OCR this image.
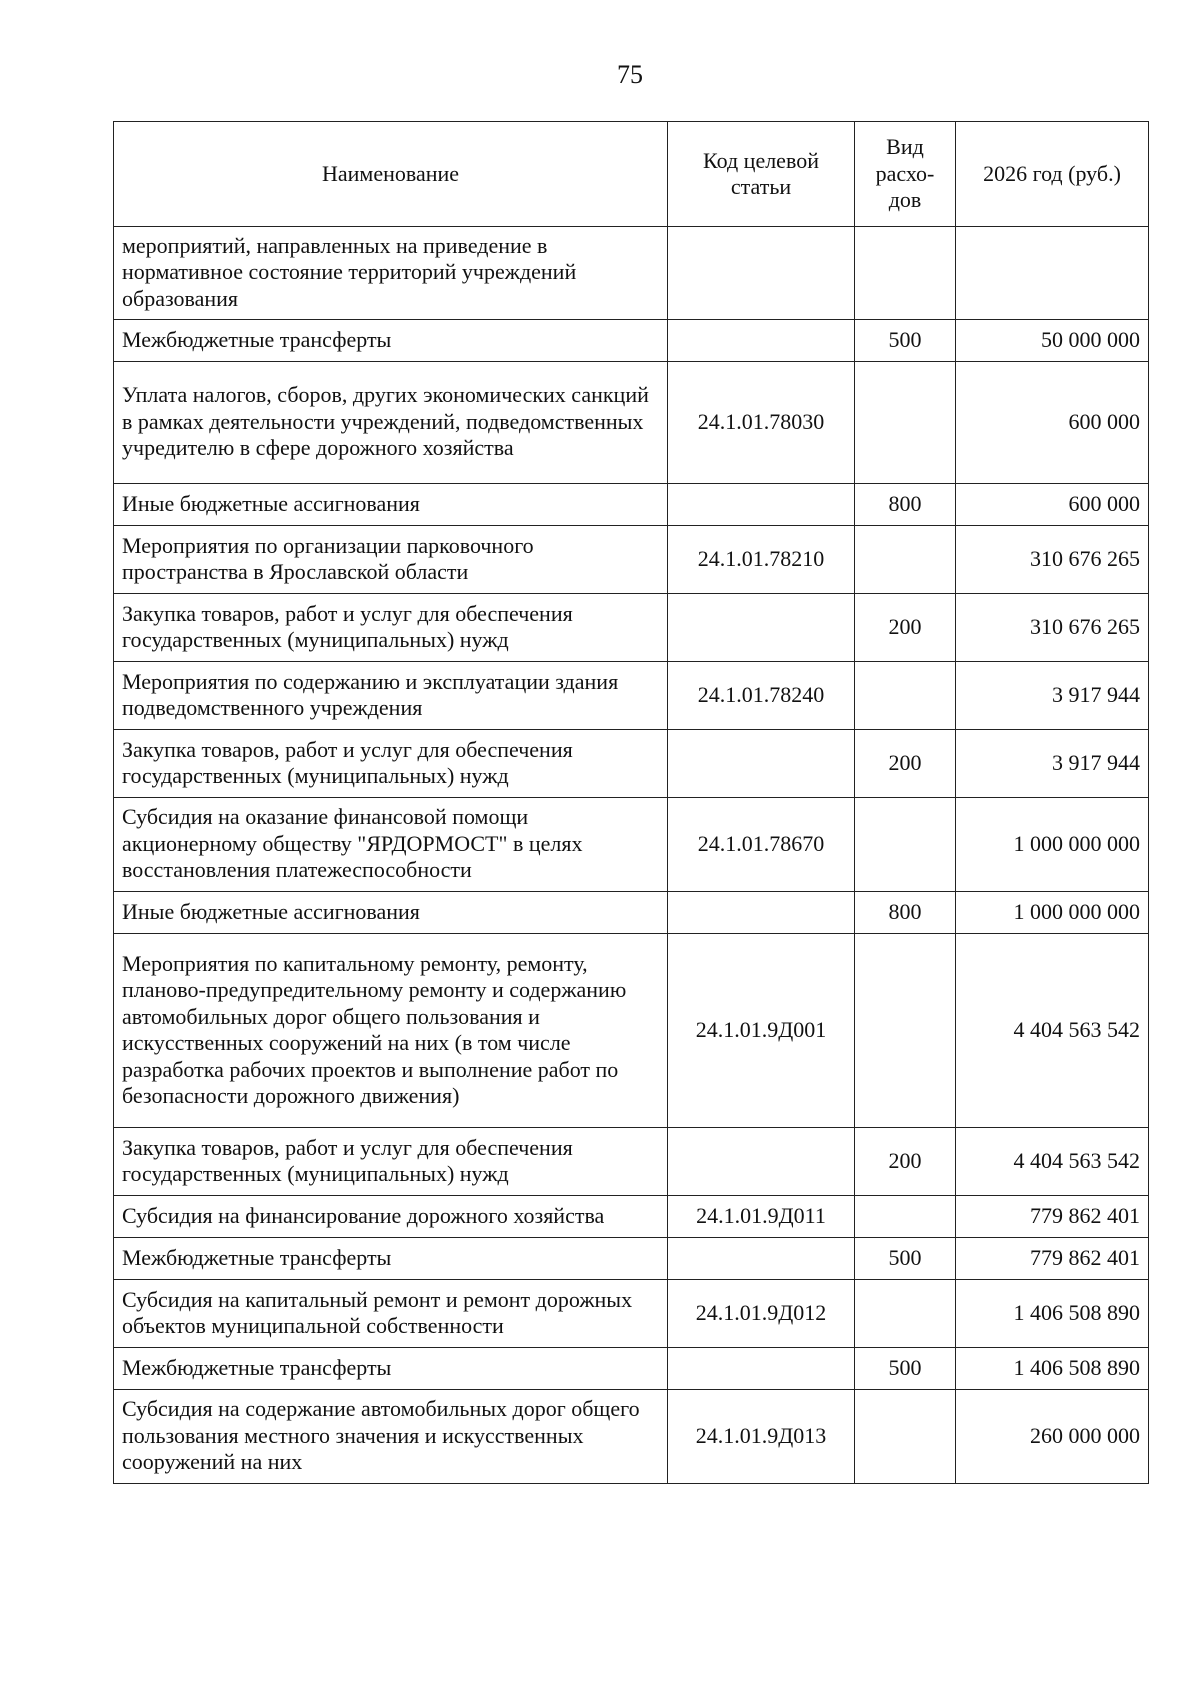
75
Наименование	Код целевой статьи	Вид расхо-дов	2026 год (руб.)
мероприятий, направленных на приведение в нормативное состояние территорий учреждений образования			
Межбюджетные трансферты		500	50 000 000
Уплата налогов, сборов, других экономических санкций в рамках деятельности учреждений, подведомственных учредителю в сфере дорожного хозяйства	24.1.01.78030		600 000
Иные бюджетные ассигнования		800	600 000
Мероприятия по организации парковочного пространства в Ярославской области	24.1.01.78210		310 676 265
Закупка товаров, работ и услуг для обеспечения государственных (муниципальных) нужд		200	310 676 265
Мероприятия по содержанию и эксплуатации здания подведомственного учреждения	24.1.01.78240		3 917 944
Закупка товаров, работ и услуг для обеспечения государственных (муниципальных) нужд		200	3 917 944
Субсидия на оказание финансовой помощи акционерному обществу "ЯРДОРМОСТ" в целях восстановления платежеспособности	24.1.01.78670		1 000 000 000
Иные бюджетные ассигнования		800	1 000 000 000
Мероприятия по капитальному ремонту, ремонту, планово-предупредительному ремонту и содержанию автомобильных дорог общего пользования и искусственных сооружений на них (в том числе разработка рабочих проектов и выполнение работ по безопасности дорожного движения)	24.1.01.9Д001		4 404 563 542
Закупка товаров, работ и услуг для обеспечения государственных (муниципальных) нужд		200	4 404 563 542
Субсидия на финансирование дорожного хозяйства	24.1.01.9Д011		779 862 401
Межбюджетные трансферты		500	779 862 401
Субсидия на капитальный ремонт и ремонт дорожных объектов муниципальной собственности	24.1.01.9Д012		1 406 508 890
Межбюджетные трансферты		500	1 406 508 890
Субсидия на содержание автомобильных дорог общего пользования местного значения и искусственных сооружений на них	24.1.01.9Д013		260 000 000
